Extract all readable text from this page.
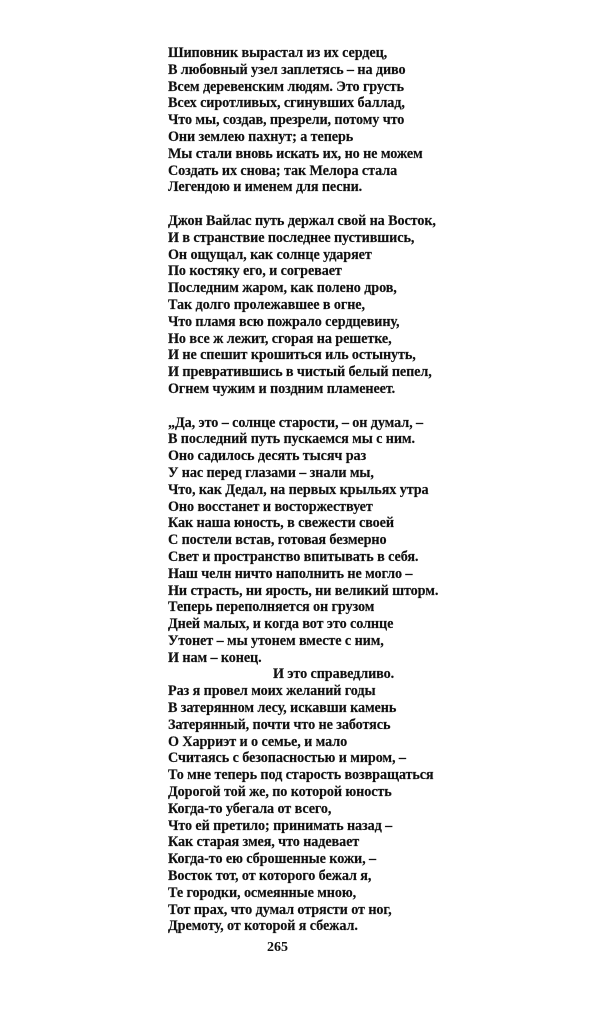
Шиповник вырастал из их сердец,
В любовный узел заплетясь – на диво
Всем деревенским людям. Это грусть
Всех сиротливых, сгинувших баллад,
Что мы, создав, презрели, потому что
Они землею пахнут; а теперь
Мы стали вновь искать их, но не можем
Создать их снова; так Мелора стала
Легендою и именем для песни.
Джон Вайлас путь держал свой на Восток,
И в странствие последнее пустившись,
Он ощущал, как солнце ударяет
По костяку его, и согревает
Последним жаром, как полено дров,
Так долго пролежавшее в огне,
Что пламя всю пожрало сердцевину,
Но все ж лежит, сгорая на решетке,
И не спешит крошиться иль остынуть,
И превратившись в чистый белый пепел,
Огнем чужим и поздним пламенеет.
„Да, это – солнце старости, – он думал, –
В последний путь пускаемся мы с ним.
Оно садилось десять тысяч раз
У нас перед глазами – знали мы,
Что, как Дедал, на первых крыльях утра
Оно восстанет и восторжествует
Как наша юность, в свежести своей
С постели встав, готовая безмерно
Свет и пространство впитывать в себя.
Наш челн ничто наполнить не могло –
Ни страсть, ни ярость, ни великий шторм.
Теперь переполняется он грузом
Дней малых, и когда вот это солнце
Утонет – мы утонем вместе с ним,
И нам – конец.
И это справедливо.
Раз я провел моих желаний годы
В затерянном лесу, искавши камень
Затерянный, почти что не заботясь
О Харриэт и о семье, и мало
Считаясь с безопасностью и миром, –
То мне теперь под старость возвращаться
Дорогой той же, по которой юность
Когда-то убегала от всего,
Что ей претило; принимать назад –
Как старая змея, что надевает
Когда-то ею сброшенные кожи, –
Восток тот, от которого бежал я,
Те городки, осмеянные мною,
Тот прах, что думал отрясти от ног,
Дремоту, от которой я сбежал.
265
